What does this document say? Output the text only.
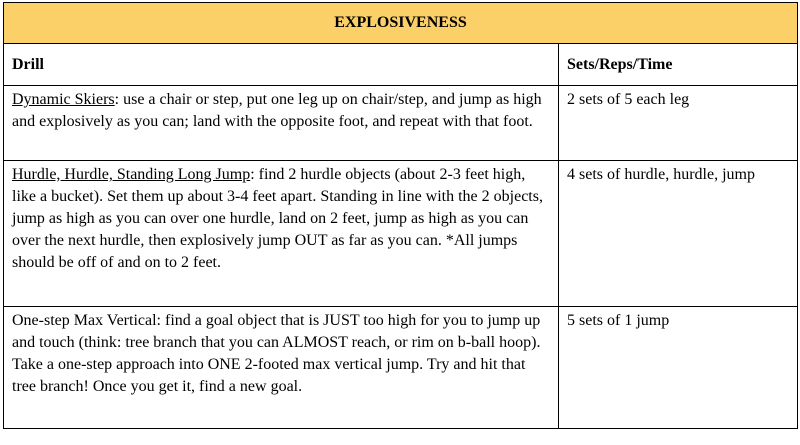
EXPLOSIVENESS	
Drill	Sets/Reps/Time
Dynamic Skiers: use a chair or step, put one leg up on chair/step, and jump as high and explosively as you can; land with the opposite foot, and repeat with that foot.	2 sets of 5 each leg
Hurdle, Hurdle, Standing Long Jump: find 2 hurdle objects (about 2-3 feet high, like a bucket). Set them up about 3-4 feet apart. Standing in line with the 2 objects, jump as high as you can over one hurdle, land on 2 feet, jump as high as you can over the next hurdle, then explosively jump OUT as far as you can. *All jumps should be off of and on to 2 feet.	4 sets of hurdle, hurdle, jump
One-step Max Vertical: find a goal object that is JUST too high for you to jump up and touch (think: tree branch that you can ALMOST reach, or rim on b-ball hoop). Take a one-step approach into ONE 2-footed max vertical jump. Try and hit that tree branch! Once you get it, find a new goal.	5 sets of 1 jump
